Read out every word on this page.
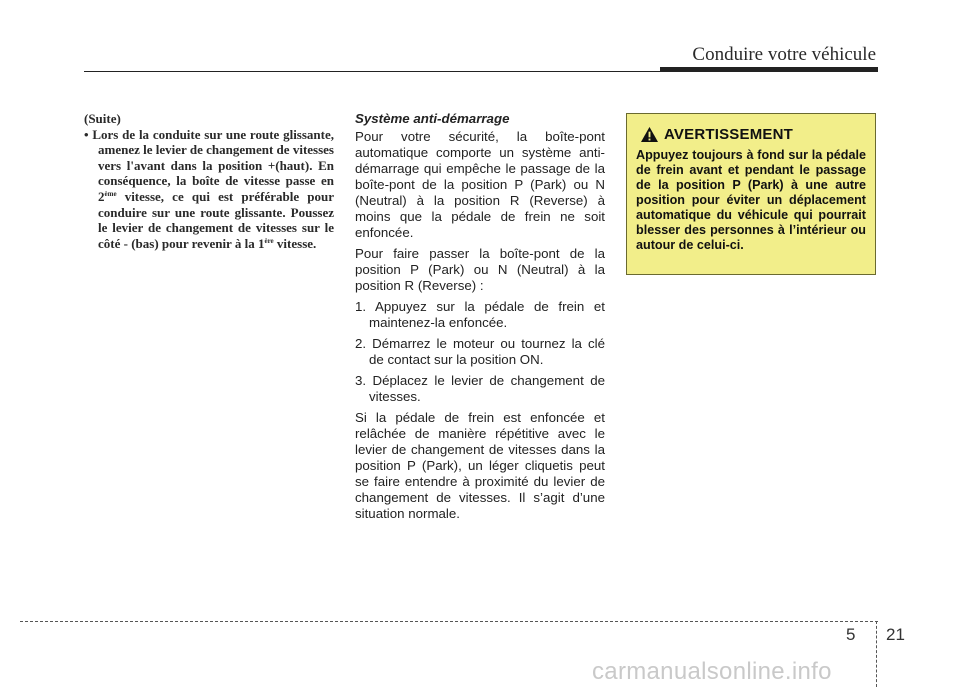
Conduire votre véhicule
(Suite)
• Lors de la conduite sur une route glissante, amenez le levier de changement de vitesses vers l'avant dans la position +(haut). En conséquence, la boîte de vitesse passe en 2ème vitesse, ce qui est préférable pour conduire sur une route glissante. Poussez le levier de changement de vitesses sur le côté - (bas) pour revenir à la 1ère vitesse.
Système anti-démarrage

Pour votre sécurité, la boîte-pont automatique comporte un système anti-démarrage qui empêche le passage de la boîte-pont de la position P (Park) ou N (Neutral) à la position R (Reverse) à moins que la pédale de frein ne soit enfoncée.

Pour faire passer la boîte-pont de la position P (Park) ou N (Neutral) à la position R (Reverse) :

1. Appuyez sur la pédale de frein et maintenez-la enfoncée.
2. Démarrez le moteur ou tournez la clé de contact sur la position ON.
3. Déplacez le levier de changement de vitesses.

Si la pédale de frein est enfoncée et relâchée de manière répétitive avec le levier de changement de vitesses dans la position P (Park), un léger cliquetis peut se faire entendre à proximité du levier de changement de vitesses. Il s’agit d’une situation normale.

AVERTISSEMENT
Appuyez toujours à fond sur la pédale de frein avant et pendant le passage de la position P (Park) à une autre position pour éviter un déplacement automatique du véhicule qui pourrait blesser des personnes à l’intérieur ou autour de celui-ci.
5 21
carmanualsonline.info
